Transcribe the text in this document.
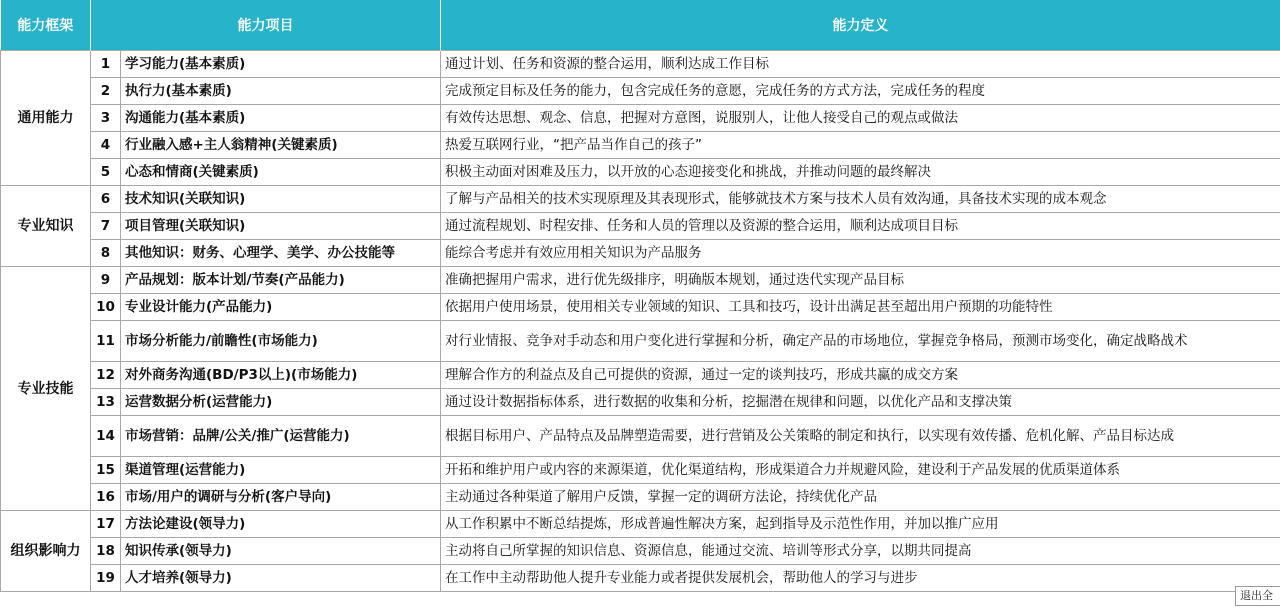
能力框架	能力项目		能力定义
通用能力	1	学习能力(基本素质)	通过计划、任务和资源的整合运用，顺利达成工作目标
	2	执行力(基本素质)	完成预定目标及任务的能力，包含完成任务的意愿，完成任务的方式方法，完成任务的程度
	3	沟通能力(基本素质)	有效传达思想、观念、信息，把握对方意图，说服别人，让他人接受自己的观点或做法
	4	行业融入感+主人翁精神(关键素质)	热爱互联网行业，“把产品当作自己的孩子”
	5	心态和情商(关键素质)	积极主动面对困难及压力，以开放的心态迎接变化和挑战，并推动问题的最终解决
专业知识	6	技术知识(关联知识)	了解与产品相关的技术实现原理及其表现形式，能够就技术方案与技术人员有效沟通，具备技术实现的成本观念
	7	项目管理(关联知识)	通过流程规划、时程安排、任务和人员的管理以及资源的整合运用，顺利达成项目目标
	8	其他知识：财务、心理学、美学、办公技能等	能综合考虑并有效应用相关知识为产品服务
专业技能	9	产品规划：版本计划/节奏(产品能力)	准确把握用户需求，进行优先级排序，明确版本规划，通过迭代实现产品目标
	10	专业设计能力(产品能力)	依据用户使用场景，使用相关专业领域的知识、工具和技巧，设计出满足甚至超出用户预期的功能特性
	11	市场分析能力/前瞻性(市场能力)	对行业情报、竞争对手动态和用户变化进行掌握和分析，确定产品的市场地位，掌握竞争格局，预测市场变化，确定战略战术
	12	对外商务沟通(BD/P3以上)(市场能力)	理解合作方的利益点及自己可提供的资源，通过一定的谈判技巧，形成共赢的成交方案
	13	运营数据分析(运营能力)	通过设计数据指标体系，进行数据的收集和分析，挖掘潜在规律和问题，以优化产品和支撑决策
	14	市场营销：品牌/公关/推广(运营能力)	根据目标用户、产品特点及品牌塑造需要，进行营销及公关策略的制定和执行，以实现有效传播、危机化解、产品目标达成
	15	渠道管理(运营能力)	开拓和维护用户或内容的来源渠道，优化渠道结构，形成渠道合力并规避风险，建设利于产品发展的优质渠道体系
	16	市场/用户的调研与分析(客户导向)	主动通过各种渠道了解用户反馈，掌握一定的调研方法论，持续优化产品
组织影响力	17	方法论建设(领导力)	从工作积累中不断总结提炼，形成普遍性解决方案，起到指导及示范性作用，并加以推广应用
	18	知识传承(领导力)	主动将自己所掌握的知识信息、资源信息，能通过交流、培训等形式分享，以期共同提高
	19	人才培养(领导力)	在工作中主动帮助他人提升专业能力或者提供发展机会，帮助他人的学习与进步
退出全
